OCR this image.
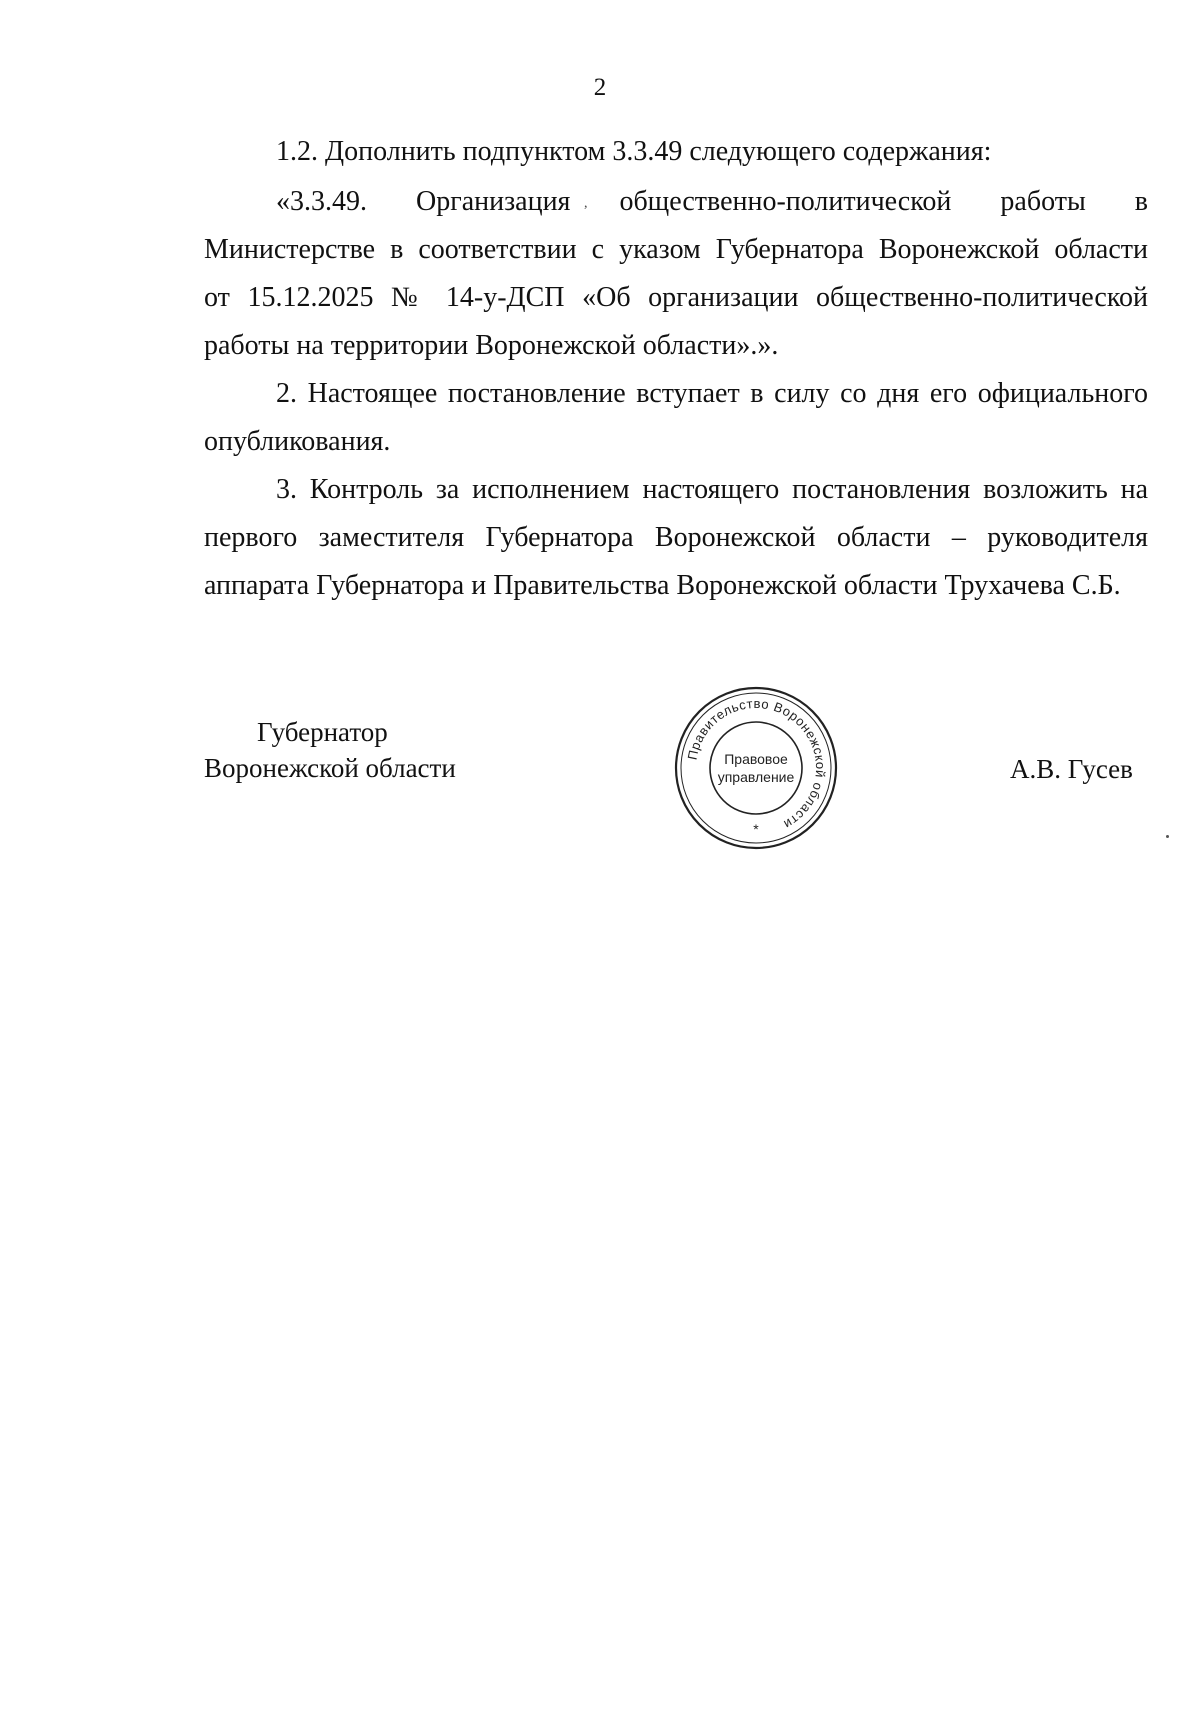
2

1.2. Дополнить подпунктом 3.3.49 следующего содержания:

«3.3.49. Организация общественно-политической работы в
Министерстве в соответствии с указом Губернатора Воронежской области
от 15.12.2025 № 14-у-ДСП «Об организации общественно-политической
работы на территории Воронежской области».».
2. Настоящее постановление вступает в силу со дня его официального
опубликования.
3. Контроль за исполнением настоящего постановления возложить на
первого заместителя Губернатора Воронежской области – руководителя
аппарата Губернатора и Правительства Воронежской области Трухачева С.Б.
,
Губернатор
Воронежской области	Правительство Воронежской области
Правовое
управление
*
А.В. Гусев
